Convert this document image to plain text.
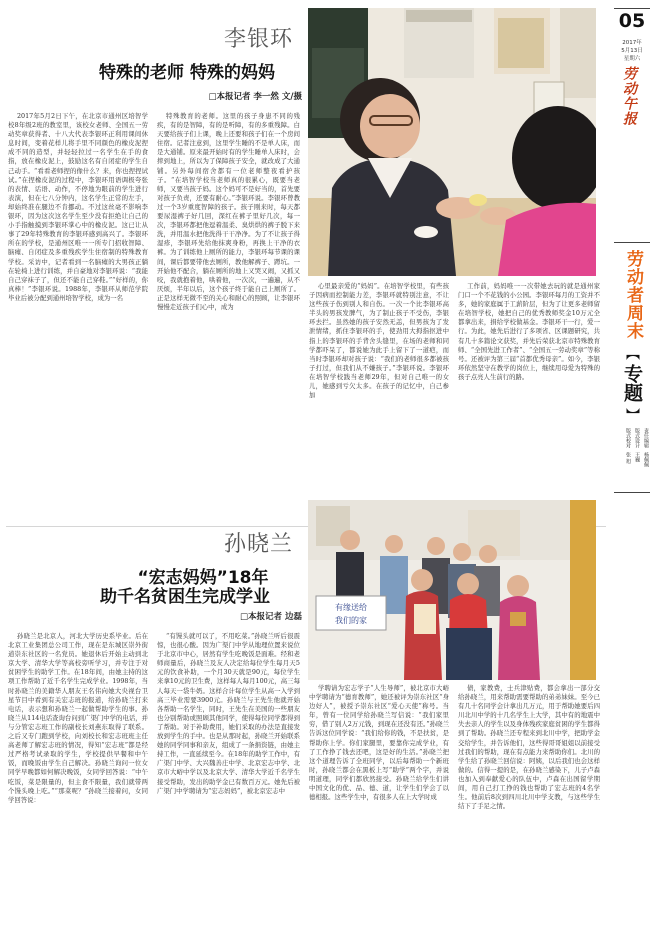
李银环
特殊的老师 特殊的妈妈
□本报记者 李一然 文/摄

2017年5月2日下午，在北京市通州区培智学校8年级2班的教室里，该校女老师、全国五一劳动奖章获得者、十八大代表李银环正利用课间休息时间，变着花样儿将手里不同颜色的橡皮泥捏成不同的造型，并轻轻拉过一名学生在手的食指，放在橡皮泥上，鼓励这名有自闭症的学生自己动手。“看看老师捏的像什么？来，你也捏捏试试。”在捏橡皮泥的过程中，李银环用语调极夸张的表情、话语、动作，不停地为眼前的学生进行表演，但在七八分钟内，这名学生正常的左手，却始终准在腿边不肯挪动。不过这丝毫不影响李银环，因为这次这名学生至少没有拒绝让自己的小手指触摸到李银环掌心中的橡皮泥。这已让从事了29年特殊教育的李银环感到高兴了。李银环所在的学校，是通州区唯一一所专门招收智障、脑瘫、自闭症及多重残疾学生住宿制的特殊教育学校。采访中，记者看到一名脑瘫的大男孩正躺在轮椅上进行训练，并自豪地对李银环说：“我能自己穿袜子了，但还不能自己穿鞋。”“好样的，你真棒！”李银环说。1988年，李银环从师范学院毕业后被分配到通州培智学校，成为一名

特殊教育的老师。这里的孩子身患不同的残疾，有的是智障，有的是听障，有的多重残障。白天要给孩子们上课，晚上还要和孩子们在一个房间住宿。记者注意到，这里学生睡的不是单人床，而是大通铺。原来最开始时有的学生睡单人床时，会摔到地上，所以为了保障孩子安全，就改成了大通铺。另外每间宿舍都有一位老师整夜看护孩子。“在培智学校当老师真的很累心，既要当老师，又要当孩子妈。这个妈可不是好当的，首先要对孩子负责，还要有耐心。”李银环说。李银环曾教过一个3岁重度智障的孩子。孩子刚来时，每天都要尿湿裤子好几回，深红在裤子里好几次，每一次，李银环都把他逗着温柔、臭烘烘的裤子脱下来洗，并用温水把他洗得干干净净。为了不让孩子得湿疹，李银环先给他抹爽身粉，再换上干净的衣裤。为了训练他上厕所的能力，李银环每节课的课间，课后都要带他去厕所，教他解裤子、蹲坑。一开始他不配合，躺在厕所的地上又哭又闹，又抓又咬，我就抱着他，哄着他，一次次，一遍遍，从不厌烦，半年以后，这个孩子终于能自己上厕所了。正是这样无微不至的关心和耐心的照顾，让李银环慢慢走近孩子们心中，成为

心里最亲爱的“妈妈”。在培智学校里，有些孩子因病而控制能力差，李银环就特别注意，不让这些孩子伤到别人和自伤。一次一个比李银环高半头的男孩发脾气，为了制止孩子不受伤，李银环去拦。虽然她的孩子安然无恙，但男孩为了发泄情绪，抓住李银环的手，使劲用大拇指抠进中指上的李银环的手背舍头缝里，在场的老师和同学都吓呆了，都说她为此手上留下了一道疤，而当时李银环却对孩子说：“我们的老师很多都被孩子打过，但我们从不嫌孩子。”李银环说。李银环在培智学校践当老师29年，但对自己唯一的女儿，她感到亏欠太多。在孩子的记忆中，自己参加

工作前，妈妈唯一一次带她去玩的就是通州家门口一个不花钱的小公园。李银环每月的工资并不多，她的家庭属于工薪阶层，但为了让更多老师留在培智学校，她把自己的优秀教师奖金10万元全都拿出来，捐给学校做基金。李银环干一行，爱一行。为此，她先后进行了多项省、区课题研究，共有几十多篇论文获奖，并先后荣获北京市特殊教育师、“全国先进工作者”、“全国五一劳动奖章”等称号。还被评为第三届“首都优秀母亲”。如今，李银环依然坚守在教学的岗位上，继续用母爱为特殊的孩子点亮人生前行的路。

孙晓兰
“宏志妈妈”18年
助千名贫困生完成学业
□本报记者 边磊
有缘送给
我们的家

孙晓兰是北京人，河北大学历史系毕业。后在北京工业集团总公司工作，现在是东城区崇外街道崇东社区的一名党员。她退休后开始主动到北京大学、清华大学等高校旁听学习，并专注于对贫困学生的助学工作。在18年间，由她主持的这项工作帮助了近千名学生完成学业。1998年，当时孙晓兰的美籍华人朋友王名伟向她大央视台卫星节目中看到有关宏志班的报道，给孙晓兰打来电话，表示想和孙晓兰一起做帮助学生的事。孙晓兰从114电话查询台问到广渠门中学的电话，并与分管宏志班工作的副校长刘燕东取得了联系。之后又专门跑到学校，向刘校长和宏志班班主任高老师了解宏志班的情况，得知“宏志班”都是经过严格考试录取的学生，学校提供早餐和中午饭，而晚饭由学生自己解决。孙晓兰询问一位女同学早晚都如何解决晚饭，女同学回答说：“中午吃饭，菜是限量的，但主食不限量，我们就带两个馒头晚上吃。”“那菜呢？”孙晓兰接着问，女同学回答说：

“有馒头就可以了，不用吃菜。”孙晓兰听后很震惊，也很心酸。因为广渠门中学从地理位置来说位于北京市中心，居然有学生吃晚饭是面难。经和老师商量后，孙晓兰及友人决定给每位学生每月天5元的饮食补助，一个月30天就是90元，每位学生来拿10元的卫生费，这样每人每月100元，高三每人每天一袋牛奶。这样合计每位学生从高一入学到高三毕业需要3900元。孙晓兰与王先生他就开始各帮助一名学生，同时，王先生在美国的一些朋友也分别帮助或照顾其他同学，使得每位同学都得到了帮助。对于补助费用，她们采取的办法是直接发放到学生的手中。也是从那时起，孙晓兰开始联系她的同学同事和亲友，组成了一条捐资链，由她主持工作，一直延续至今。在18年的助学工作中，有广渠门中学、大兴魏善庄中学、北京宏志中学、北京市大峪中学以及北京大学、清华大学近千名学生接受帮助，发出的助学金已有数百万元。她先后被广渠门中学聘请为“宏志妈妈”，被北京宏志中

学聘请为宏志学子“人生导师”，被北京市大峪中学聘请为“德育教师”，她还被评为崇东社区“身边好人”，被授予崇东社区“爱心天使”称号。当年，曾有一位同学给孙晓兰写信说：“我们家里穷，借了别人2万元钱，到现在还没有还。”孙晓兰告诉这位同学说：“我们给你的钱，不是扶贫，是帮助你上学。你们家腿里，要靠你完成学业，有了工作挣了钱去还吧，这是好的生活。”孙晓兰把这个道理告诉了全班同学，以后每帮助一个新班时，孙晓兰都会在黑板上写“助学”两个字，并说明道理，同学们都欣然接受。孙晓兰给学生们讲中国文化的优、品、德、道，让学生们学会了以德相报。这些学生中，有很多人在上大学时成

债，家教费，士兵津贴费，都会拿出一部分交给孙晓兰，用来帮助需要帮助的弟弟妹妹。至今已有几十名同学会计拿出几万元，用于帮助她要后四川北川中学的十几名学生上大学，其中有的地震中失去亲人的学生以及身体残疾家庭贫困的学生都得到了帮助。孙晓兰还专程来到北川中学，把助学金交给学生，并告诉他们，这些得哥哥姐姐以前接受过我们的帮助，现在有点能力来帮助你们。北川的学生给了孙晓兰回信说：阿姨，以后我们也会这样做的。信得一提的是，在孙晓兰感染下，儿子卢森也加入到奉献爱心的队伍中，卢森在出国留学期间，用自己打工挣的钱也帮助了宏志班的4名学生。他前后8次到四川北川中学支教，与这些学生结下了手足之情。

05
2017年
5月13日
星期六
劳动午报
劳动者周末
【
专题
】
责任编辑
杨佩佩
版式设计
王巍
版式校对
张 旭
